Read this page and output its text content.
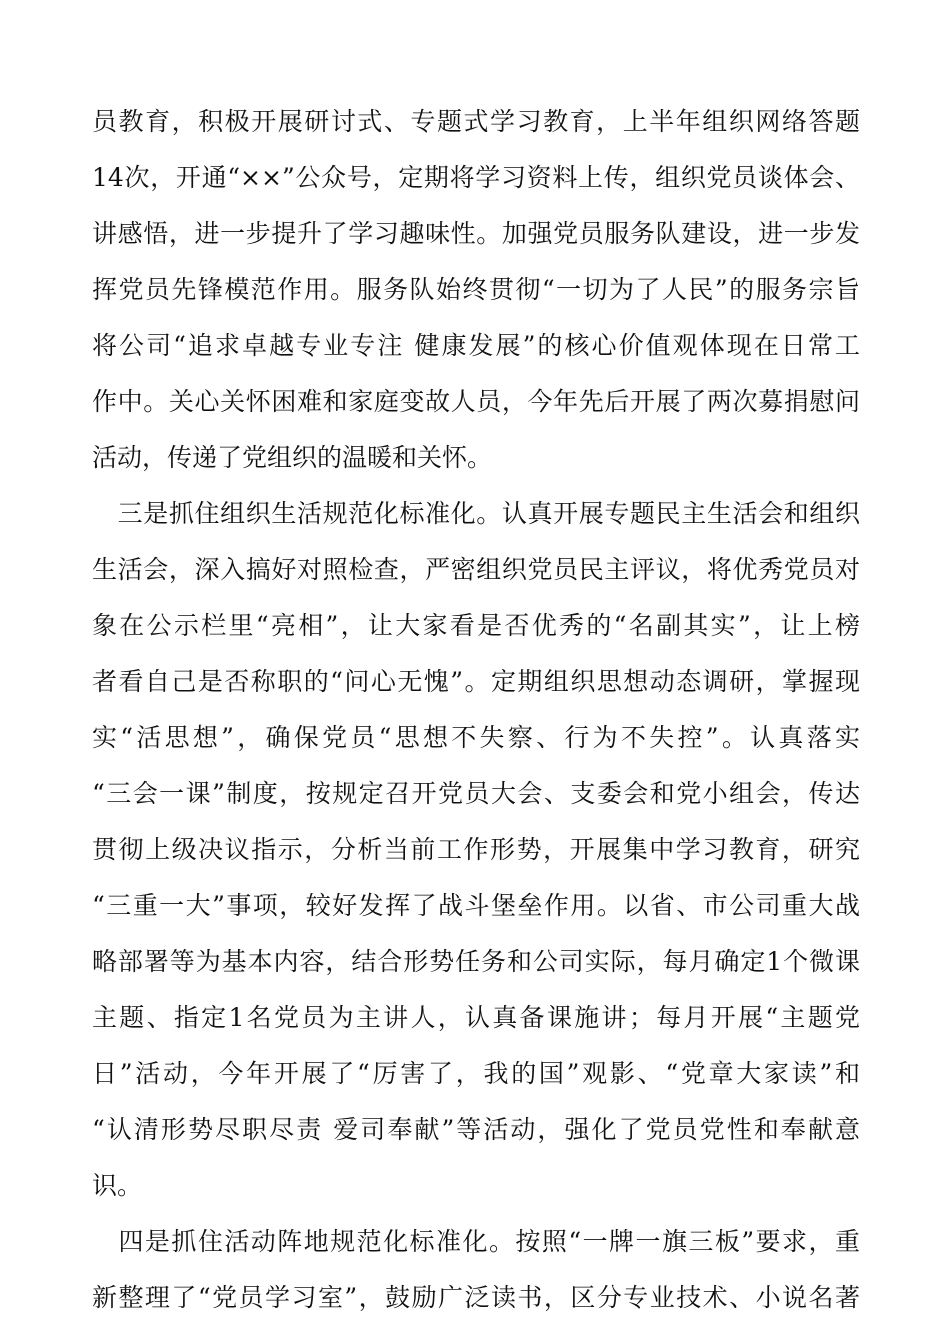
员教育，积极开展研讨式、专题式学习教育，上半年组织网络答题
14次，开通“××”公众号，定期将学习资料上传，组织党员谈体会、
讲感悟，进一步提升了学习趣味性。加强党员服务队建设，进一步发
挥党员先锋模范作用。服务队始终贯彻“一切为了人民”的服务宗旨
将公司“追求卓越专业专注 健康发展”的核心价值观体现在日常工
作中。关心关怀困难和家庭变故人员，今年先后开展了两次募捐慰问
活动，传递了党组织的温暖和关怀。
　三是抓住组织生活规范化标准化。认真开展专题民主生活会和组织
生活会，深入搞好对照检查，严密组织党员民主评议，将优秀党员对
象在公示栏里“亮相”，让大家看是否优秀的“名副其实”，让上榜
者看自己是否称职的“问心无愧”。定期组织思想动态调研，掌握现
实“活思想”，确保党员“思想不失察、行为不失控”。认真落实
“三会一课”制度，按规定召开党员大会、支委会和党小组会，传达
贯彻上级决议指示，分析当前工作形势，开展集中学习教育，研究
“三重一大”事项，较好发挥了战斗堡垒作用。以省、市公司重大战
略部署等为基本内容，结合形势任务和公司实际，每月确定1个微课
主题、指定1名党员为主讲人，认真备课施讲；每月开展“主题党
日”活动，今年开展了“厉害了，我的国”观影、“党章大家读”和
“认清形势尽职尽责 爱司奉献”等活动，强化了党员党性和奉献意
识。
　四是抓住活动阵地规范化标准化。按照“一牌一旗三板”要求，重
新整理了“党员学习室”，鼓励广泛读书，区分专业技术、小说名著
